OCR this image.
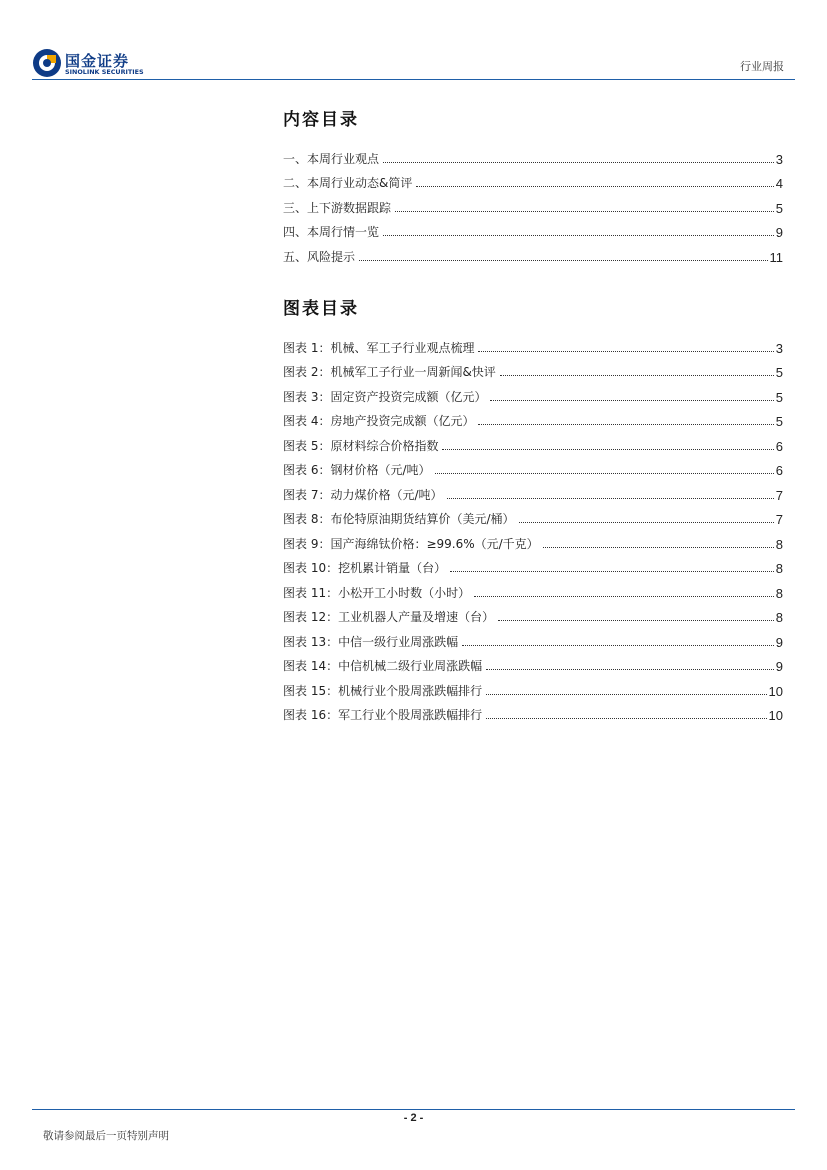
国金证券
SINOLINK SECURITIES	行业周报
内容目录
一、本周行业观点	3
二、本周行业动态&简评	4
三、上下游数据跟踪	5
四、本周行情一览	9
五、风险提示	11
图表目录
图表 1：机械、军工子行业观点梳理	3
图表 2：机械军工子行业一周新闻&快评	5
图表 3：固定资产投资完成额（亿元）	5
图表 4：房地产投资完成额（亿元）	5
图表 5：原材料综合价格指数	6
图表 6：钢材价格（元/吨）	6
图表 7：动力煤价格（元/吨）	7
图表 8：布伦特原油期货结算价（美元/桶）	7
图表 9：国产海绵钛价格：≥99.6%（元/千克）	8
图表 10：挖机累计销量（台）	8
图表 11：小松开工小时数（小时）	8
图表 12：工业机器人产量及增速（台）	8
图表 13：中信一级行业周涨跌幅	9
图表 14：中信机械二级行业周涨跌幅	9
图表 15：机械行业个股周涨跌幅排行	10
图表 16：军工行业个股周涨跌幅排行	10
- 2 -
敬请参阅最后一页特别声明
